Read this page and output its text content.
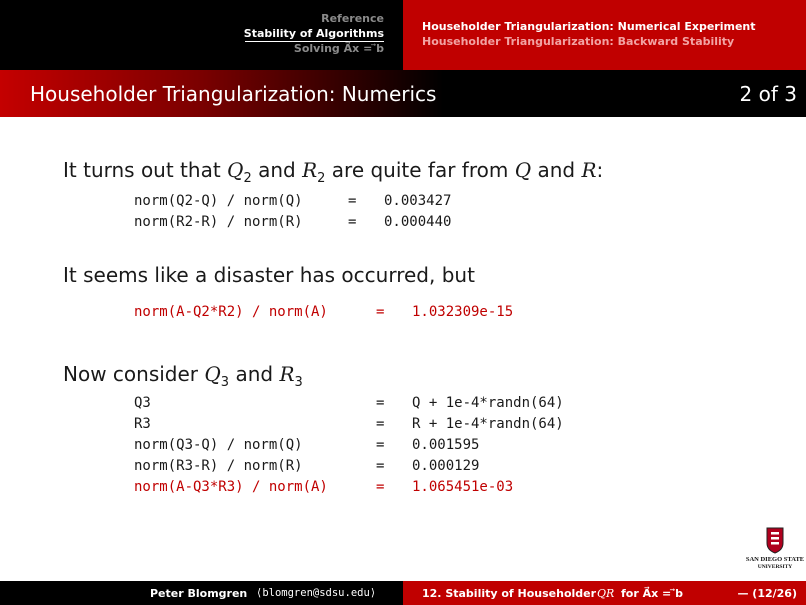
Reference
Stability of Algorithms
Solving A⃗x = ⃗b
Householder Triangularization: Numerical Experiment
Householder Triangularization: Backward Stability
Householder Triangularization: Numerics	2 of 3
It turns out that $Q_2$ and $R_2$ are quite far from Q and R:
norm(Q2-Q) / norm(Q)	= 0.003427
norm(R2-R) / norm(R)	= 0.000440
It seems like a disaster has occurred, but
norm(A-Q2*R2) / norm(A)	= 1.032309e-15
Now consider $Q_3$ and $R_3$
Q3	= Q + 1e-4*randn(64)
R3	= R + 1e-4*randn(64)
norm(Q3-Q) / norm(Q)	= 0.001595
norm(R3-R) / norm(R)	= 0.000129
norm(A-Q3*R3) / norm(A)	= 1.065451e-03
SAN DIEGO STATE
UNIVERSITY
Peter Blomgren ⟨blomgren@sdsu.edu⟩	12. Stability of Householder QR for A⃗x = ⃗b	— (12/26)
